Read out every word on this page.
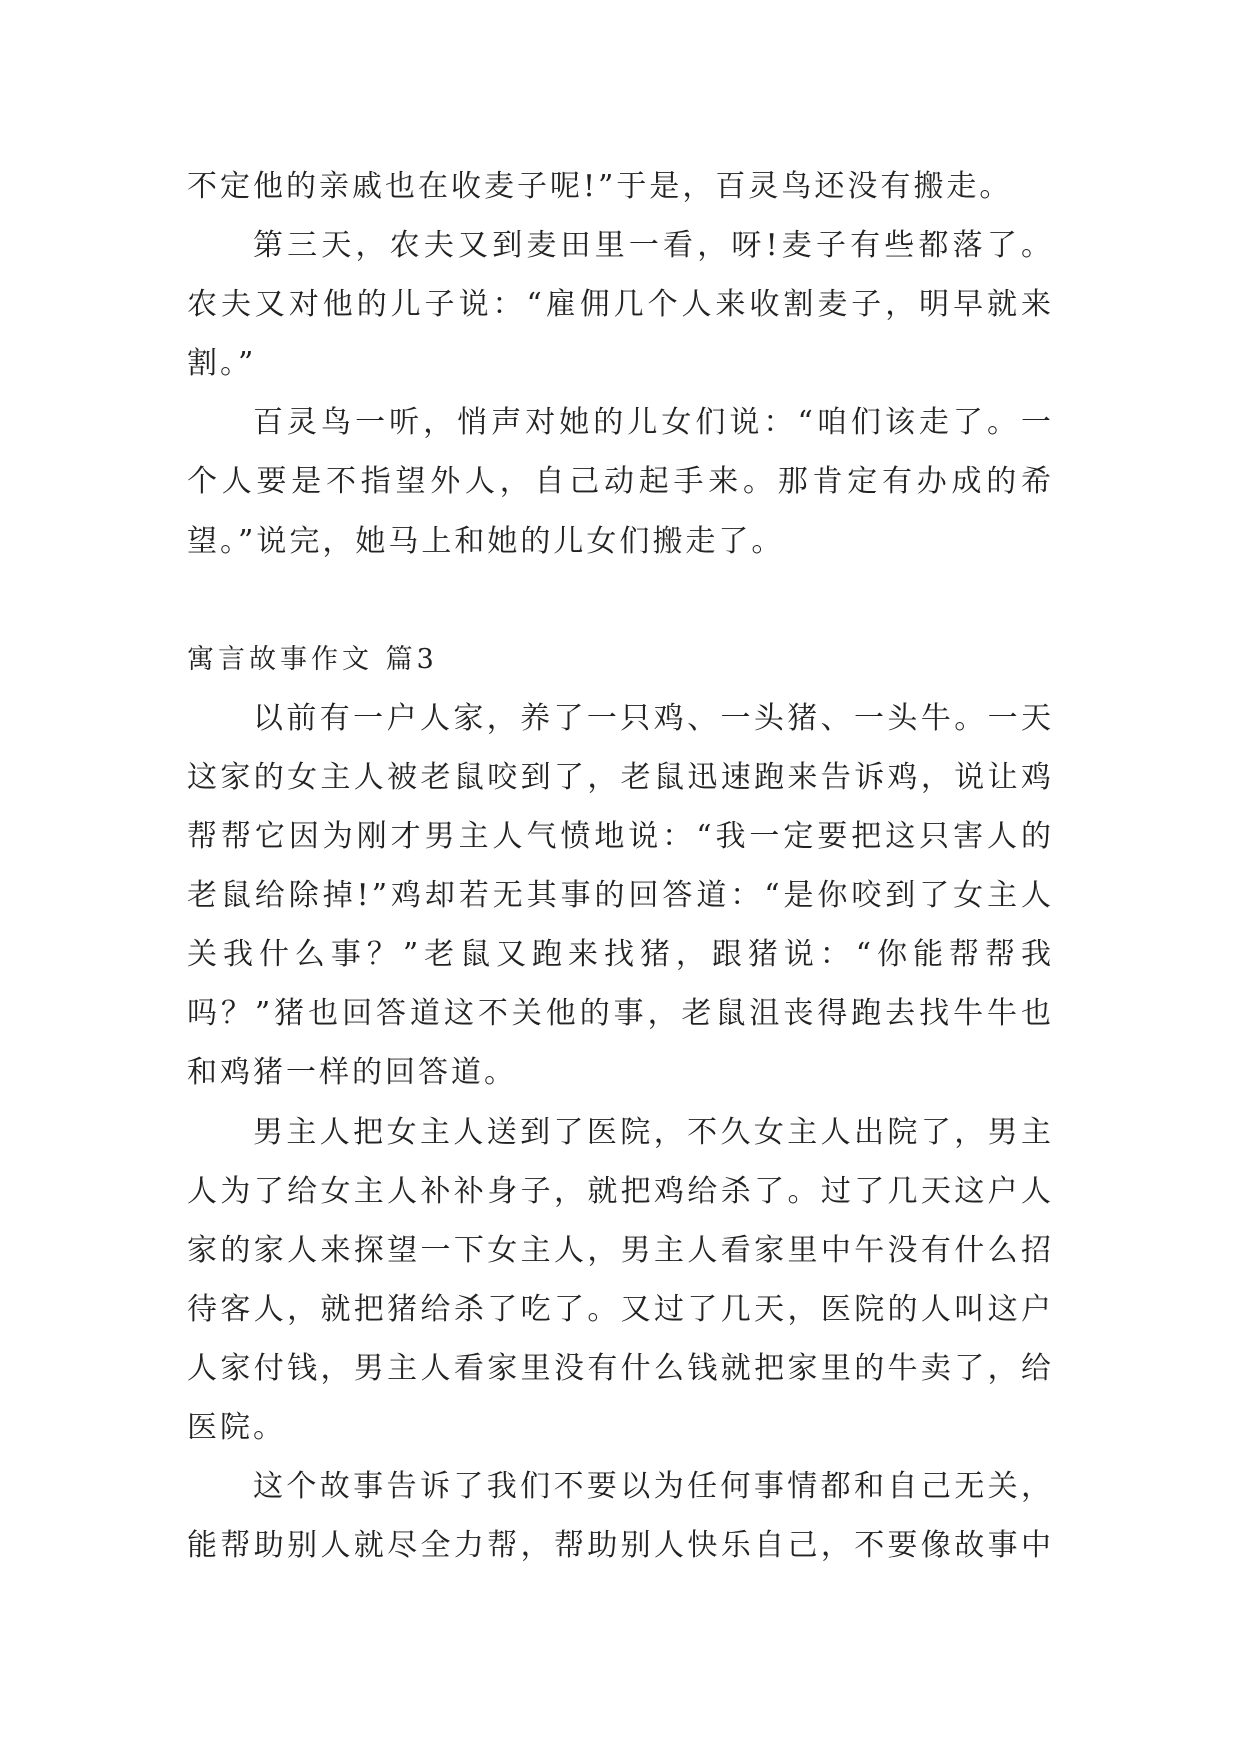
不定他的亲戚也在收麦子呢!”于是，百灵鸟还没有搬走。
第三天，农夫又到麦田里一看，呀!麦子有些都落了。
农夫又对他的儿子说：“雇佣几个人来收割麦子，明早就来
割。”
百灵鸟一听，悄声对她的儿女们说：“咱们该走了。一
个人要是不指望外人，自己动起手来。那肯定有办成的希
望。”说完，她马上和她的儿女们搬走了。
寓言故事作文 篇3
以前有一户人家，养了一只鸡、一头猪、一头牛。一天
这家的女主人被老鼠咬到了，老鼠迅速跑来告诉鸡，说让鸡
帮帮它因为刚才男主人气愤地说：“我一定要把这只害人的
老鼠给除掉!”鸡却若无其事的回答道：“是你咬到了女主人
关我什么事？”老鼠又跑来找猪，跟猪说：“你能帮帮我
吗？”猪也回答道这不关他的事，老鼠沮丧得跑去找牛牛也
和鸡猪一样的回答道。
男主人把女主人送到了医院，不久女主人出院了，男主
人为了给女主人补补身子，就把鸡给杀了。过了几天这户人
家的家人来探望一下女主人，男主人看家里中午没有什么招
待客人，就把猪给杀了吃了。又过了几天，医院的人叫这户
人家付钱，男主人看家里没有什么钱就把家里的牛卖了，给
医院。
这个故事告诉了我们不要以为任何事情都和自己无关，
能帮助别人就尽全力帮，帮助别人快乐自己，不要像故事中
